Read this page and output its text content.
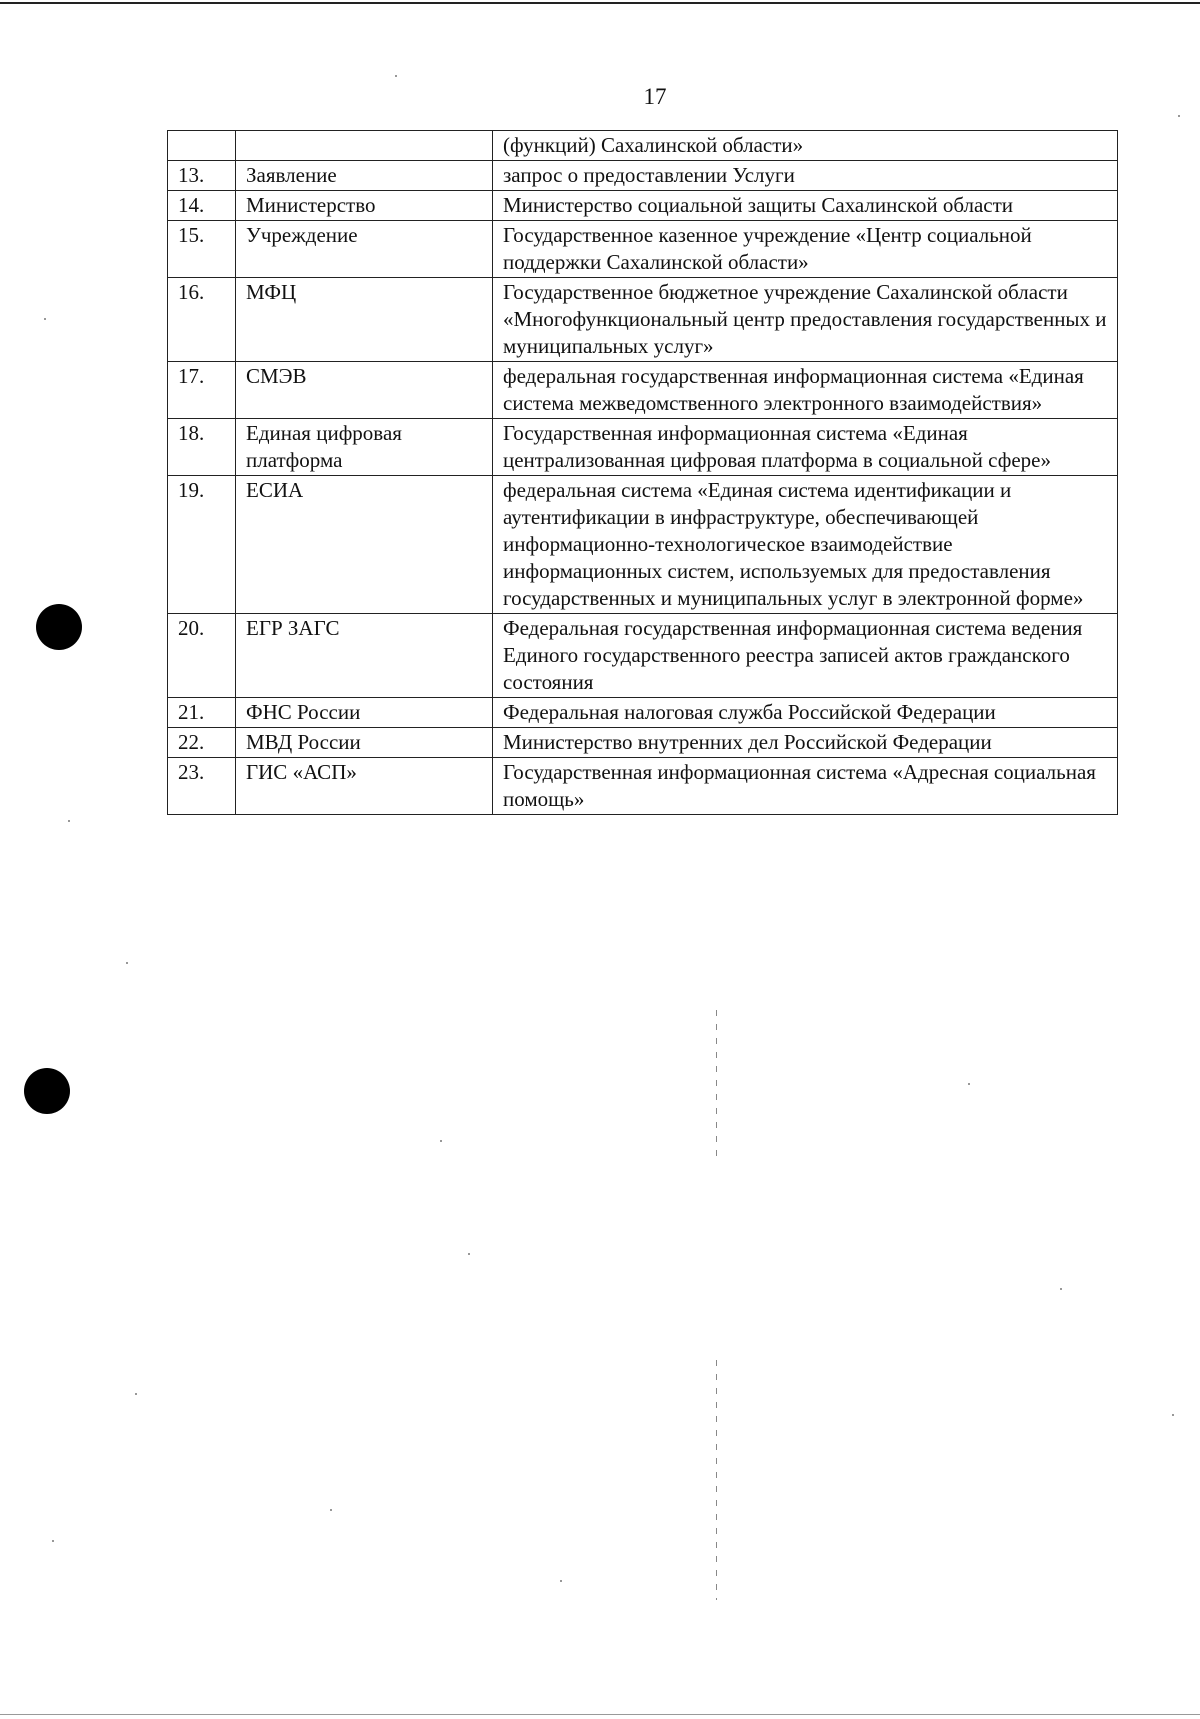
17
		(функций) Сахалинской области»
13.	Заявление	запрос о предоставлении Услуги
14.	Министерство	Министерство социальной защиты Сахалинской области
15.	Учреждение	Государственное казенное учреждение «Центр социальной поддержки Сахалинской области»
16.	МФЦ	Государственное бюджетное учреждение Сахалинской области «Многофункциональный центр предоставления государственных и муниципальных услуг»
17.	СМЭВ	федеральная государственная информационная система «Единая система межведомственного электронного взаимодействия»
18.	Единая цифровая платформа	Государственная информационная система «Единая централизованная цифровая платформа в социальной сфере»
19.	ЕСИА	федеральная система «Единая система идентификации и аутентификации в инфраструктуре, обеспечивающей информационно-технологическое взаимодействие информационных систем, используемых для предоставления государственных и муниципальных услуг в электронной форме»
20.	ЕГР ЗАГС	Федеральная государственная информационная система ведения Единого государственного реестра записей актов гражданского состояния
21.	ФНС России	Федеральная налоговая служба Российской Федерации
22.	МВД России	Министерство внутренних дел Российской Федерации
23.	ГИС «АСП»	Государственная информационная система «Адресная социальная помощь»
